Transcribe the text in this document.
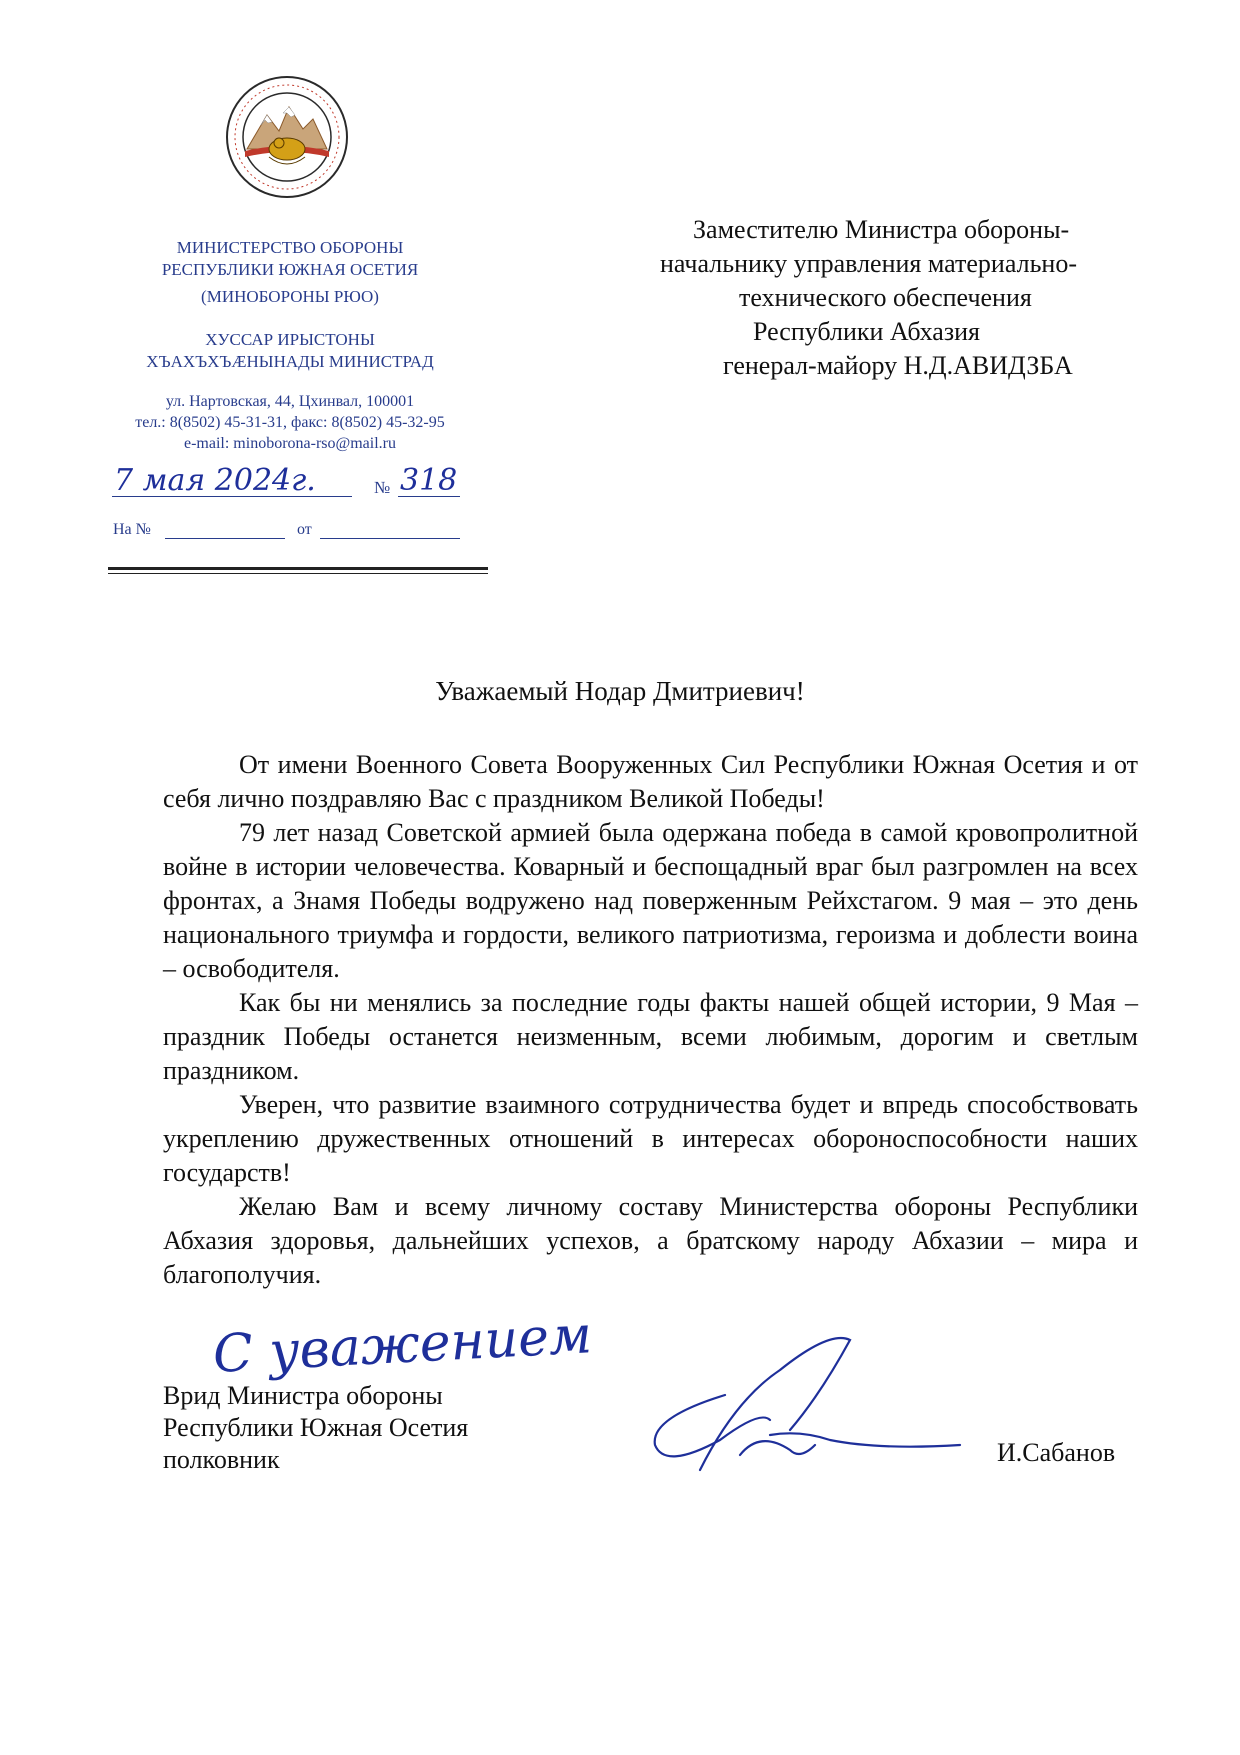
МИНИСТЕРСТВО ОБОРОНЫ
РЕСПУБЛИКИ ЮЖНАЯ ОСЕТИЯ
(МИНОБОРОНЫ РЮО)
ХУССАР ИРЫСТОНЫ
ХЪАХЪХЪÆНЫНАДЫ МИНИСТРАД
ул. Нартовская, 44, Цхинвал, 100001
тел.: 8(8502) 45-31-31, факс: 8(8502) 45-32-95
e-mail: minoborona-rso@mail.ru
7 мая 2024г.	№ 318
На №	от
Заместителю Министра обороны-
начальнику управления материально-
технического обеспечения
Республики Абхазия
генерал-майору Н.Д.АВИДЗБА
Уважаемый Нодар Дмитриевич!

От имени Военного Совета Вооруженных Сил Республики Южная Осетия и от себя лично поздравляю Вас с праздником Великой Победы!

79 лет назад Советской армией была одержана победа в самой кровопролитной войне в истории человечества. Коварный и беспощадный враг был разгромлен на всех фронтах, а Знамя Победы водружено над поверженным Рейхстагом. 9 мая – это день национального триумфа и гордости, великого патриотизма, героизма и доблести воина – освободителя.

Как бы ни менялись за последние годы факты нашей общей истории, 9 Мая – праздник Победы останется неизменным, всеми любимым, дорогим и светлым праздником.

Уверен, что развитие взаимного сотрудничества будет и впредь способствовать укреплению дружественных отношений в интересах обороноспособности наших государств!

Желаю Вам и всему личному составу Министерства обороны Республики Абхазия здоровья, дальнейших успехов, а братскому народу Абхазии – мира и благополучия.

С уважением
Врид Министра обороны
Республики Южная Осетия
полковник	И.Сабанов
